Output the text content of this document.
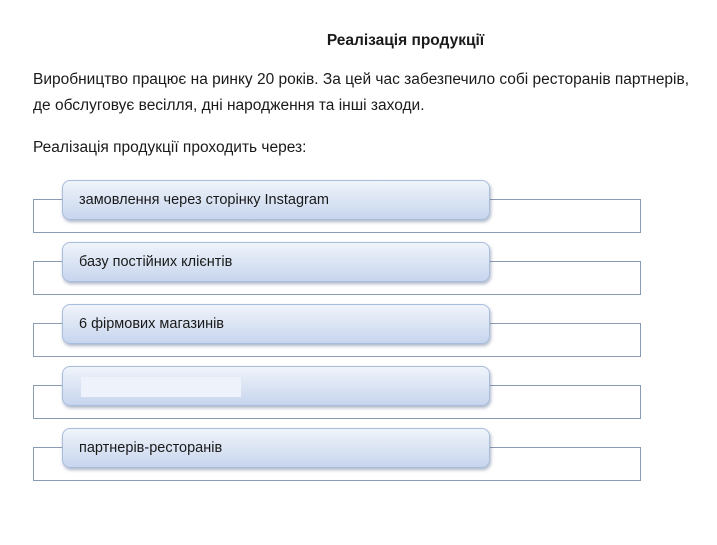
Реалізація продукції
Виробництво працює на ринку 20 років. За цей час забезпечило собі ресторанів партнерів, де обслуговує весілля, дні народження та інші заходи.
Реалізація продукції проходить через:
замовлення через сторінку Instagram
базу постійних клієнтів
6 фірмових магазинів
партнерів-ресторанів
